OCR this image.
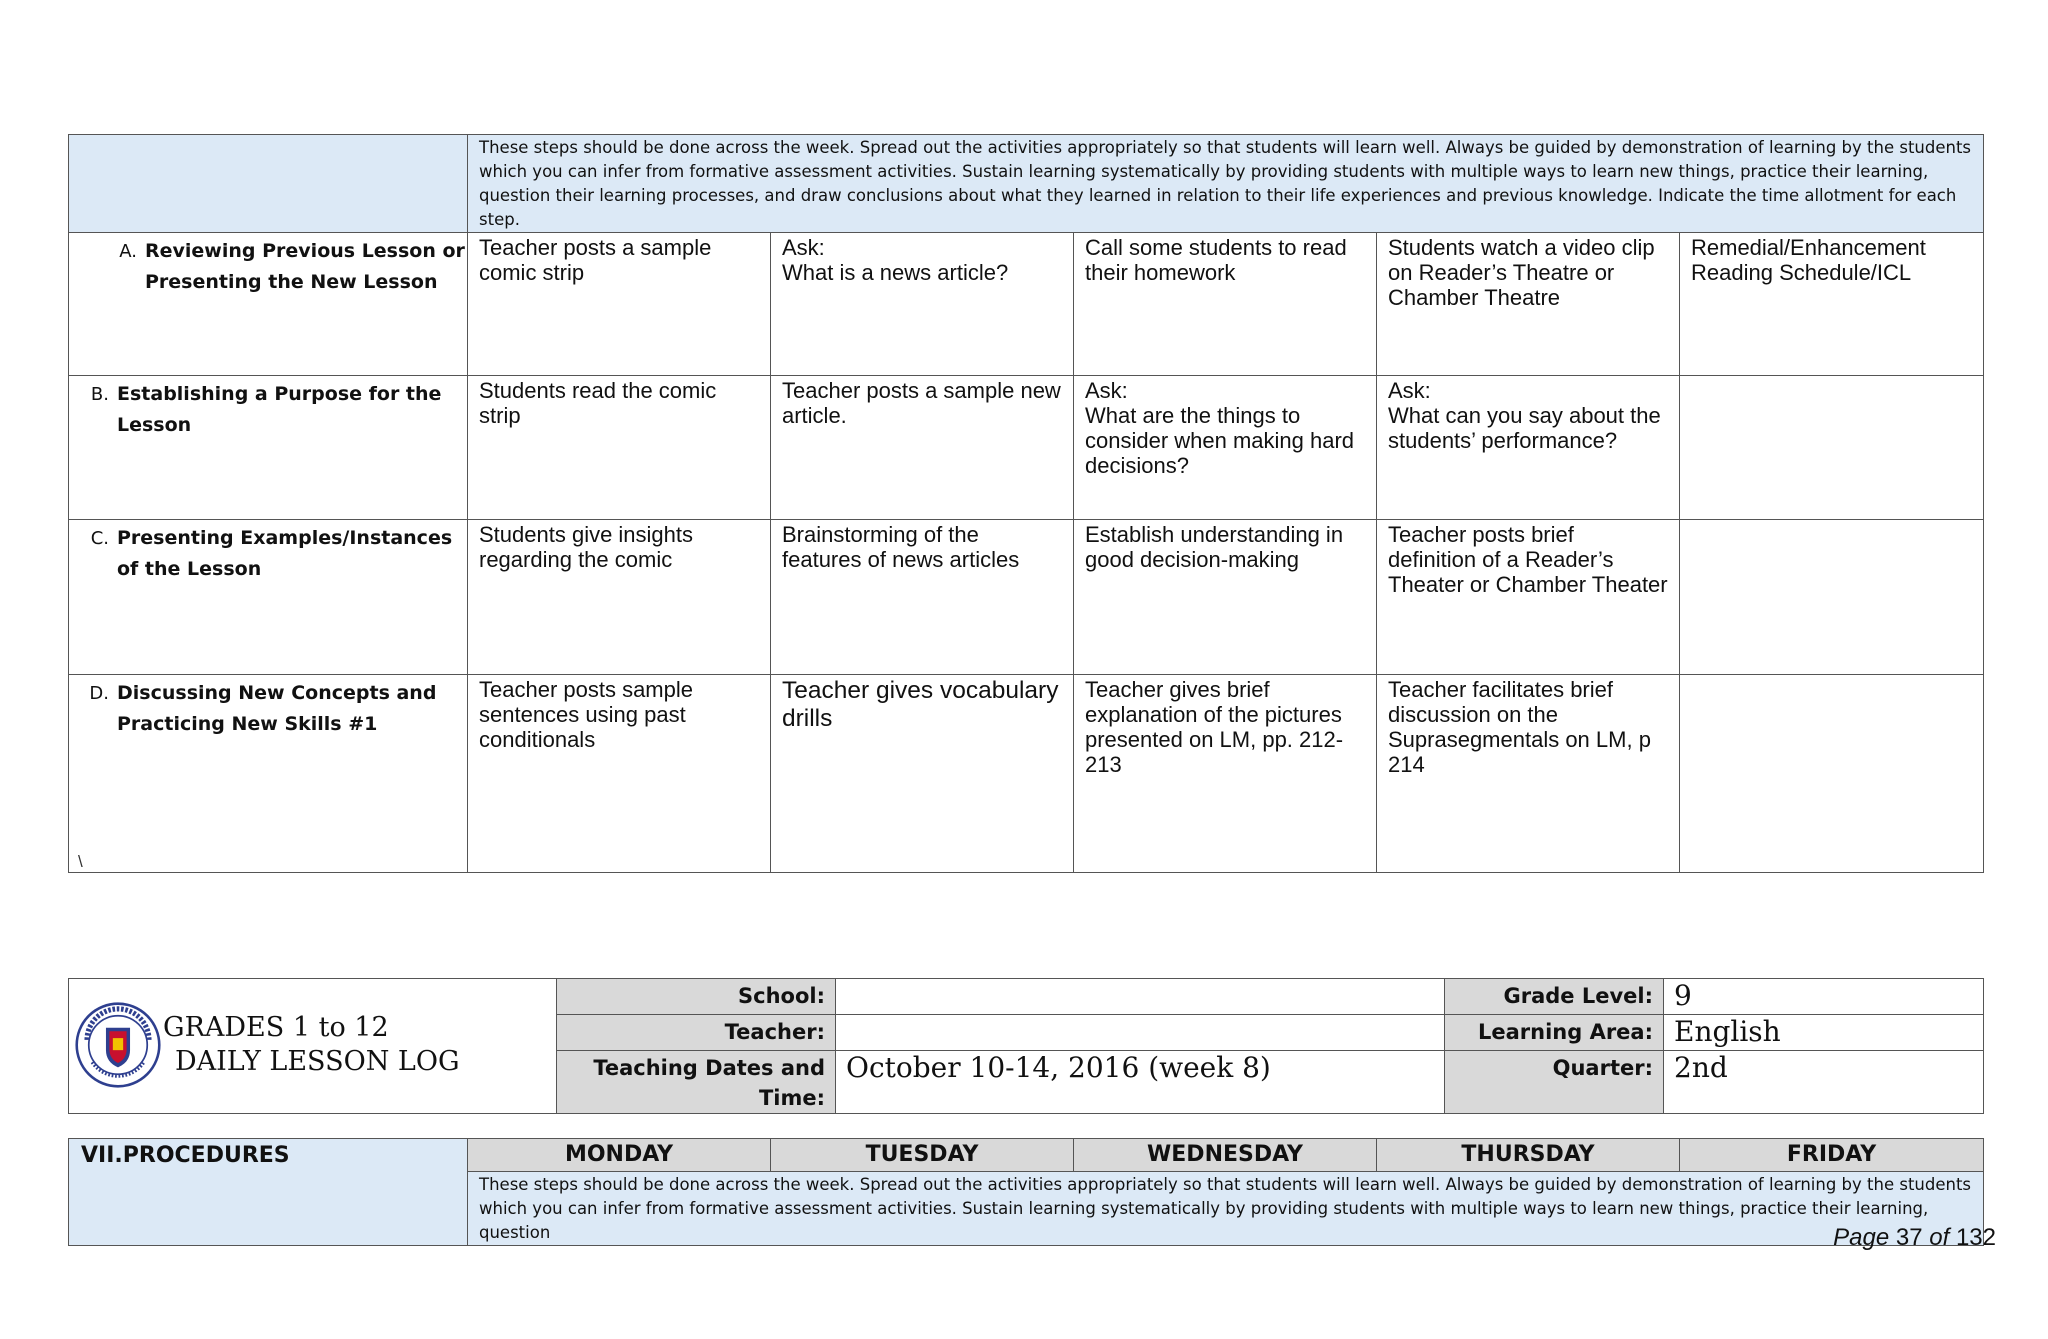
	These steps should be done across the week. Spread out the activities appropriately so that students will learn well. Always be guided by demonstration of learning by the students which you can infer from formative assessment activities. Sustain learning systematically by providing students with multiple ways to learn new things, practice their learning, question their learning processes, and draw conclusions about what they learned in relation to their life experiences and previous knowledge. Indicate the time allotment for each step.				

A. Reviewing Previous Lesson or Presenting the New Lesson	Teacher posts a sample comic strip	Ask:
What is a news article?	Call some students to read their homework	Students watch a video clip on Reader’s Theatre or Chamber Theatre	Remedial/Enhancement Reading Schedule/ICL

B. Establishing a Purpose for the Lesson	Students read the comic strip	Teacher posts a sample new article.	Ask:
What are the things to consider when making hard decisions?	Ask:
What can you say about the students’ performance?	

C. Presenting Examples/Instances of the Lesson	Students give insights regarding the comic	Brainstorming of the features of news articles	Establish understanding in good decision-making	Teacher posts brief definition of a Reader’s Theater or Chamber Theater	

D. Discussing New Concepts and Practicing New Skills #1	Teacher posts sample sentences using past conditionals	Teacher gives vocabulary drills	Teacher gives brief explanation of the pictures presented on LM, pp. 212-213	Teacher facilitates brief discussion on the Suprasegmentals on LM, p 214	

\
GRADES 1 to 12
DAILY LESSON LOG	School:		Grade Level:	9
	Teacher:		Learning Area:	English
	Teaching Dates and Time:	October 10-14, 2016 (week 8)	Quarter:	2nd
VII.PROCEDURES	MONDAY	TUESDAY	WEDNESDAY	THURSDAY	FRIDAY
These steps should be done across the week. Spread out the activities appropriately so that students will learn well. Always be guided by demonstration of learning by the students which you can infer from formative assessment activities. Sustain learning systematically by providing students with multiple ways to learn new things, practice their learning, question	Page 37 of 132
